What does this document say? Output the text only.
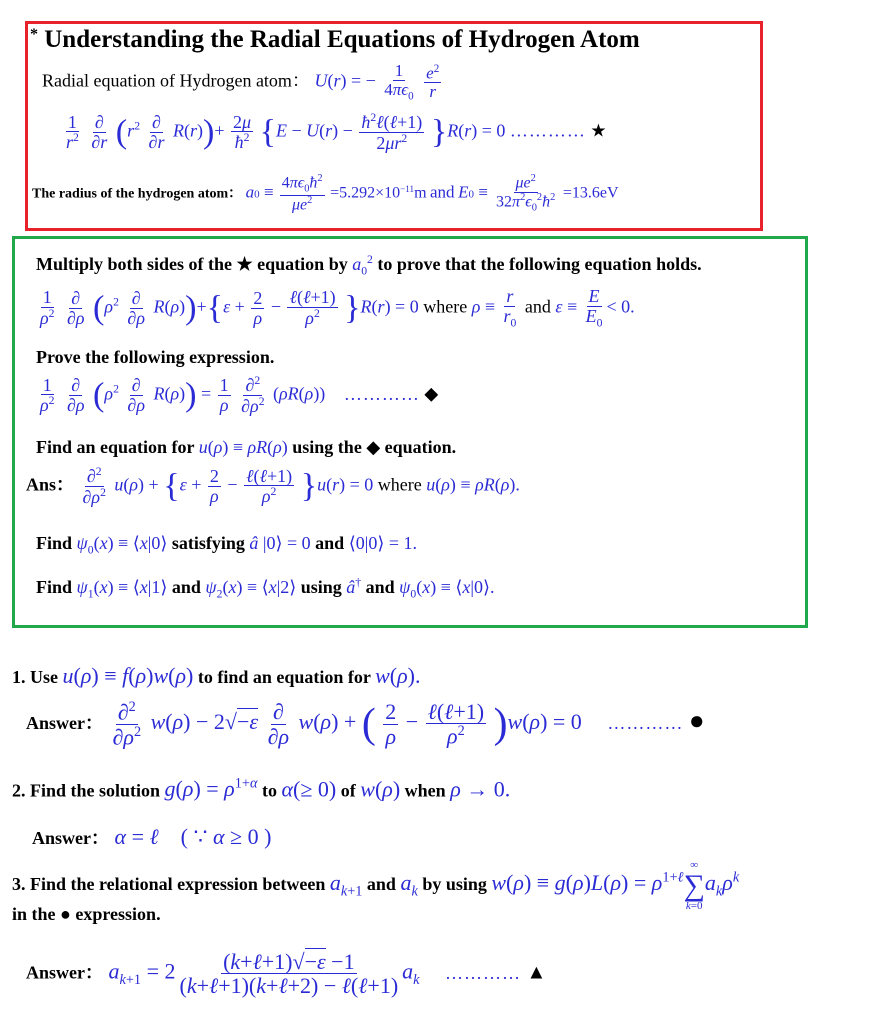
* Understanding the Radial Equations of Hydrogen Atom
Radial equation of Hydrogen atom： U(r) = − $\frac{1}{4\pi\epsilon_0}$
$\frac{e^2}{r}$
$\frac{1}{r^2}$
$\frac{\partial}{\partial r} (r^2 \frac{\partial}{\partial r} R(r))+ \frac{2\mu}{ħ^2} \{E - U(r) - \frac{ħ^2\ell(\ell+1)}{2\mu r^2} \}R(r) = 0$ ………… ★
The radius of the hydrogen atom： $a0 \equiv \frac{4\pi\epsilon_0ħ^2}{\mu e^2} =5.292\times 10^{-11}m$ and $E0 \equiv \frac{\mu e^2}{32\pi^2\epsilon_0^2ħ^2} =13.6eV$
Multiply both sides of the ★ equation by $a_0^2$ to prove that the following equation holds.
$\frac{1}{\rho^2}$
$\frac{\partial}{\partial\rho} (\rho^2 \frac{\partial}{\partial\rho} R(\rho))+\{\varepsilon + \frac{2}{\rho} - \frac{\text{ℓ(ℓ+1)}}{\rho^2} \}R(r) = 0$ where $\rho \equiv \frac{r}{r_0}$ and $\varepsilon \equiv \frac{E}{E_0} < 0$.
Prove the following expression.
$\frac{1}{\rho^2}$
$\frac{\partial}{\partial\rho} (\rho^2 \frac{\partial}{\partial\rho} R(\rho)) = \frac{1}{\rho}$
$\frac{\partial^2}{\partial\rho^2} (\rho R(\rho))$ ………… ◆
Find an equation for u(ρ) ≡ ρR(ρ) using the ◆ equation.
Ans： $\frac{\partial^2}{\partial\rho^2} u(\rho) + \{\varepsilon + \frac{2}{\rho} - \frac{\text{ℓ(ℓ+1)}}{\rho^2} \}u(r) = 0$ where u(ρ) ≡ ρR(ρ).
Find $\psi_0(x)$ ≡ ⟨x|0⟩ satisfying â |0⟩ = 0 and ⟨0|0⟩ = 1.
Find $\psi_1(x)$ ≡ ⟨x|1⟩ and $\psi_2(x)$ ≡ ⟨x|2⟩ using â† and $\psi_0(x)$ ≡ ⟨x|0⟩.
1. Use u(ρ) ≡ f(ρ)w(ρ) to find an equation for w(ρ).
Answer： $\frac{\partial^2}{\partial\rho^2} w(\rho) - 2√-\varepsilon \frac{\partial}{\partial\rho} w(\rho)$ + ( $\frac{2}{\rho} - \frac{\text{ℓ(ℓ+1)}}{\rho^2} )w(\rho) = 0$ ………… ●
2. Find the solution $g(\rho) = \rho^{1+\alpha}$ to α(≥ 0) of w(ρ) when ρ → 0.
Answer： α = ℓ    ( ∵ α ≥ 0 )
3. Find the relational expression between $a_{k+1}$ and $a_k$ by using $w(\rho) \equiv g(\rho)L(\rho) = \rho^{1+\ell}$
∞
∑
k=0
$a_k\rho^k$
in the ● expression.
Answer： $a_{k+1} = 2 \frac{\text{(k+ℓ+1)√−ε −1}}{\text{(k+ℓ+1)(k+ℓ+2) − ℓ(ℓ+1)}} a_k$ ………… ▲
